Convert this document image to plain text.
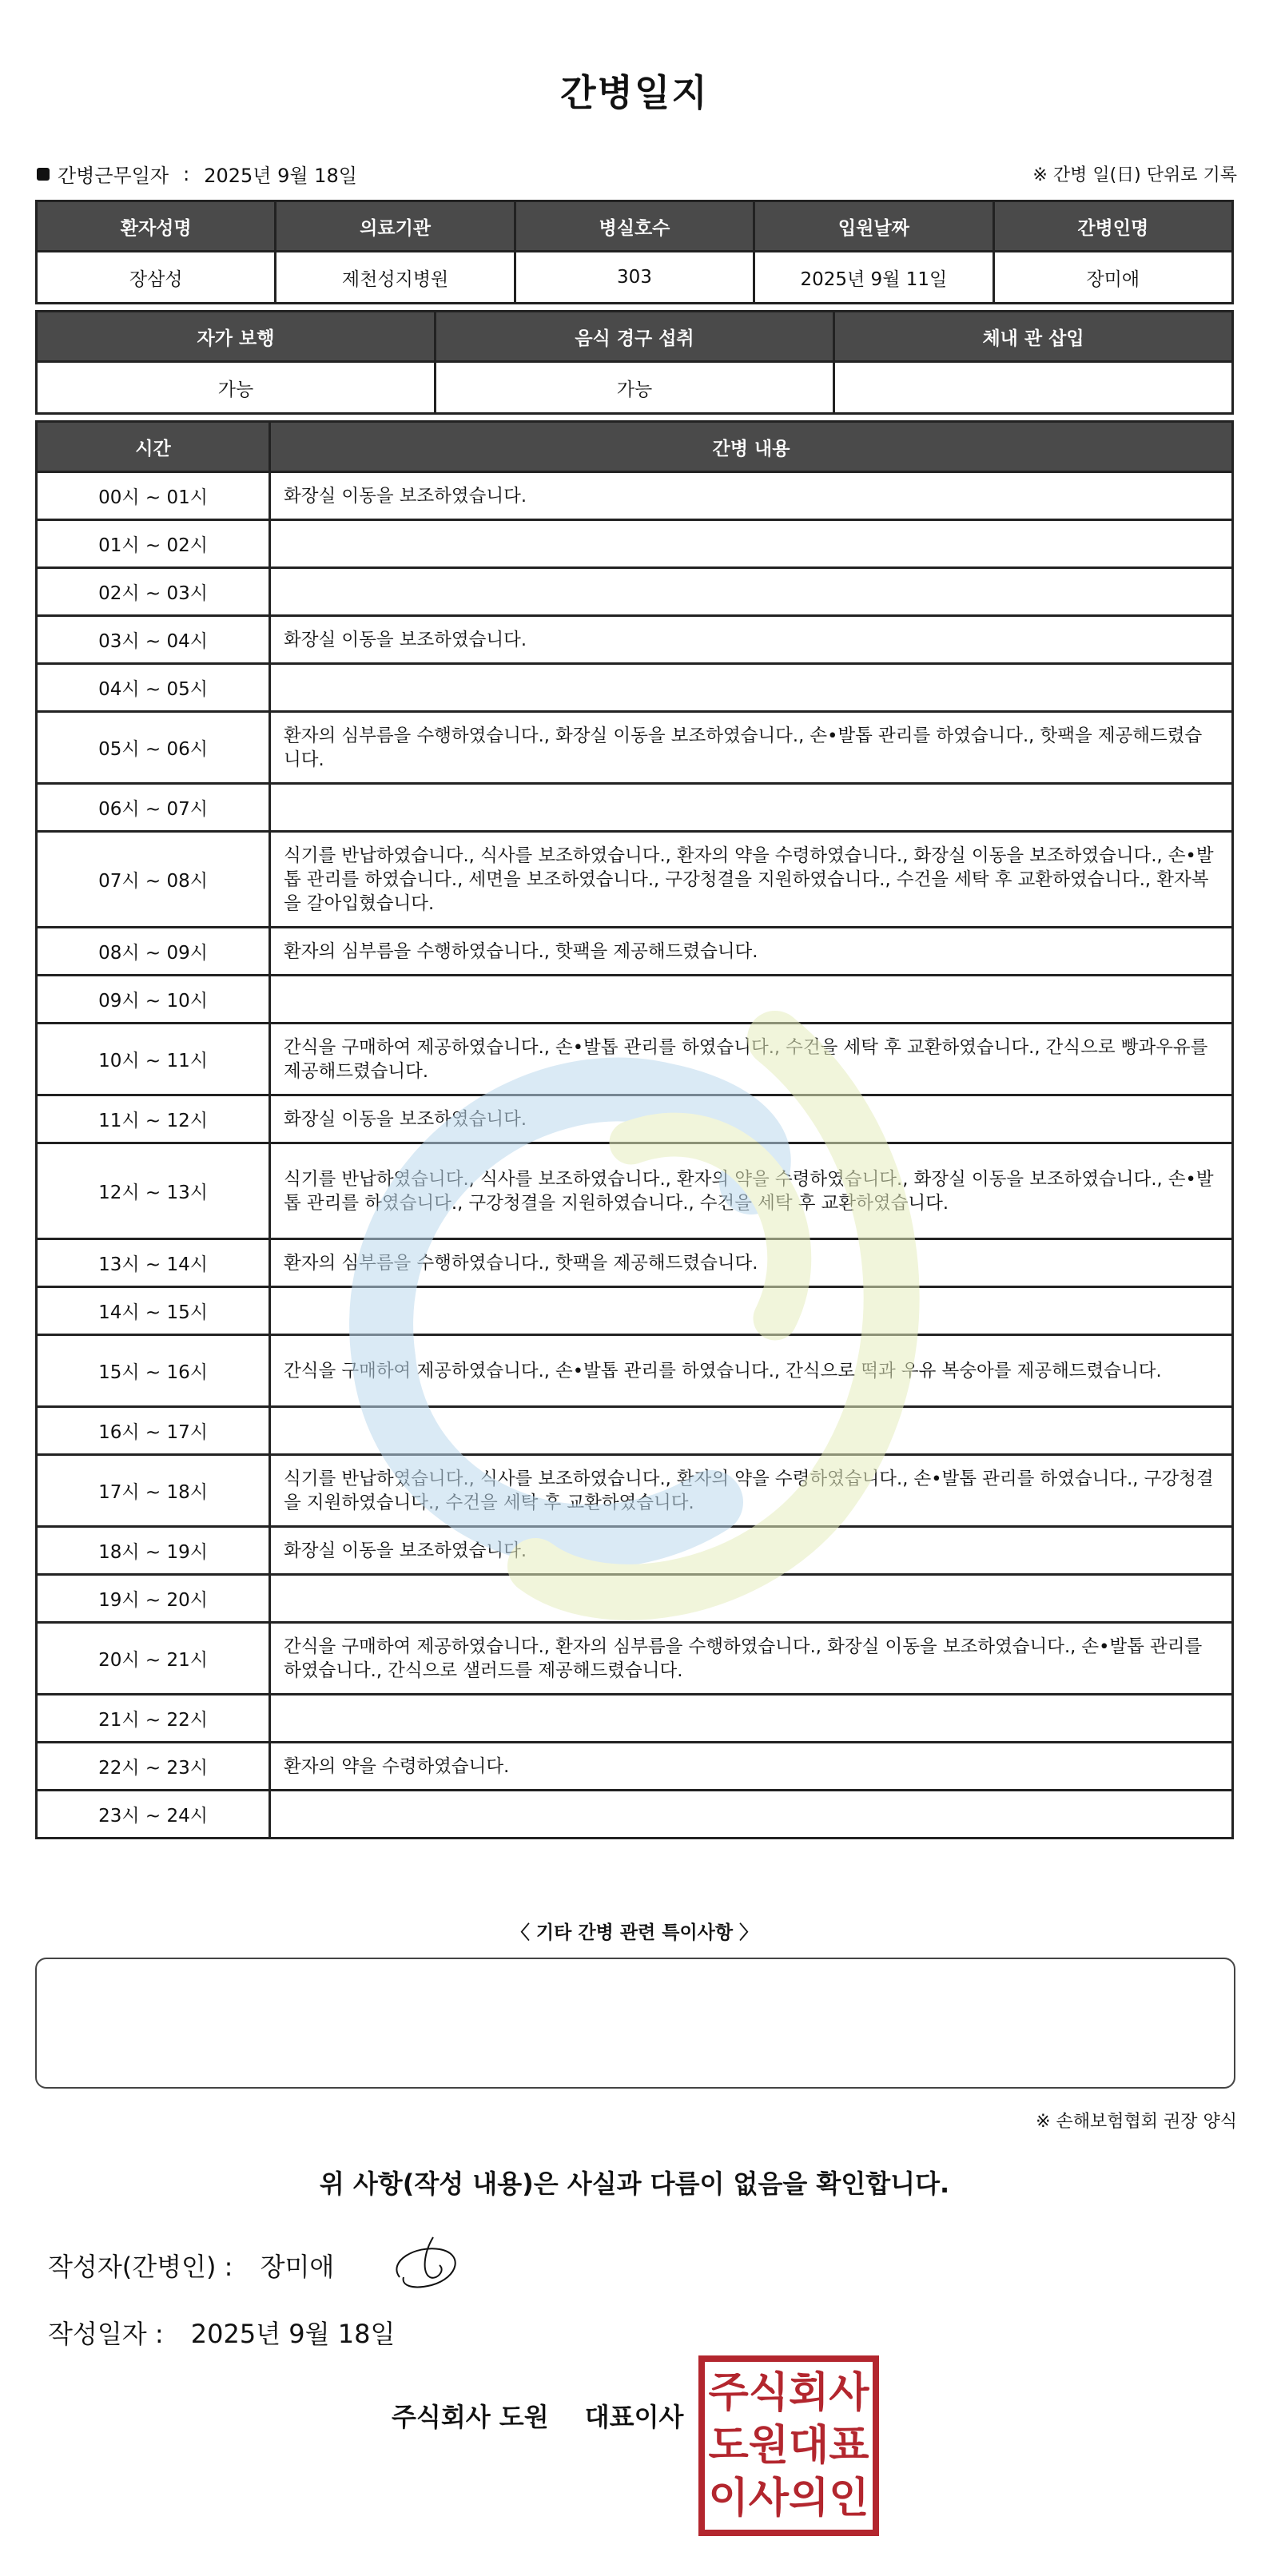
간병일지
간병근무일자 : 2025년 9월 18일	※ 간병 일(日) 단위로 기록
환자성명	의료기관	병실호수	입원날짜	간병인명
장삼성	제천성지병원	303	2025년 9월 11일	장미애
자가 보행	음식 경구 섭취	체내 관 삽입
가능	가능	
시간	간병 내용
00시 ~ 01시	화장실 이동을 보조하였습니다.
01시 ~ 02시	
02시 ~ 03시	
03시 ~ 04시	화장실 이동을 보조하였습니다.
04시 ~ 05시	
05시 ~ 06시	환자의 심부름을 수행하였습니다., 화장실 이동을 보조하였습니다., 손•발톱 관리를 하였습니다., 핫팩을 제공해드렸습니다.
06시 ~ 07시	
07시 ~ 08시	식기를 반납하였습니다., 식사를 보조하였습니다., 환자의 약을 수령하였습니다., 화장실 이동을 보조하였습니다., 손•발톱 관리를 하였습니다., 세면을 보조하였습니다., 구강청결을 지원하였습니다., 수건을 세탁 후 교환하였습니다., 환자복을 갈아입혔습니다.
08시 ~ 09시	환자의 심부름을 수행하였습니다., 핫팩을 제공해드렸습니다.
09시 ~ 10시	
10시 ~ 11시	간식을 구매하여 제공하였습니다., 손•발톱 관리를 하였습니다., 수건을 세탁 후 교환하였습니다., 간식으로 빵과우유를 제공해드렸습니다.
11시 ~ 12시	화장실 이동을 보조하였습니다.
12시 ~ 13시	식기를 반납하였습니다., 식사를 보조하였습니다., 환자의 약을 수령하였습니다., 화장실 이동을 보조하였습니다., 손•발톱 관리를 하였습니다., 구강청결을 지원하였습니다., 수건을 세탁 후 교환하였습니다.
13시 ~ 14시	환자의 심부름을 수행하였습니다., 핫팩을 제공해드렸습니다.
14시 ~ 15시	
15시 ~ 16시	간식을 구매하여 제공하였습니다., 손•발톱 관리를 하였습니다., 간식으로 떡과 우유 복숭아를 제공해드렸습니다.
16시 ~ 17시	
17시 ~ 18시	식기를 반납하였습니다., 식사를 보조하였습니다., 환자의 약을 수령하였습니다., 손•발톱 관리를 하였습니다., 구강청결을 지원하였습니다., 수건을 세탁 후 교환하였습니다.
18시 ~ 19시	화장실 이동을 보조하였습니다.
19시 ~ 20시	
20시 ~ 21시	간식을 구매하여 제공하였습니다., 환자의 심부름을 수행하였습니다., 화장실 이동을 보조하였습니다., 손•발톱 관리를 하였습니다., 간식으로 샐러드를 제공해드렸습니다.
21시 ~ 22시	
22시 ~ 23시	환자의 약을 수령하였습니다.
23시 ~ 24시	
〈 기타 간병 관련 특이사항 〉
※ 손해보험협회 권장 양식
위 사항(작성 내용)은 사실과 다름이 없음을 확인합니다.
작성자(간병인) : 장미애
작성일자 : 2025년 9월 18일
주식회사 도원 대표이사 주식회사
도원대표
이사의인
